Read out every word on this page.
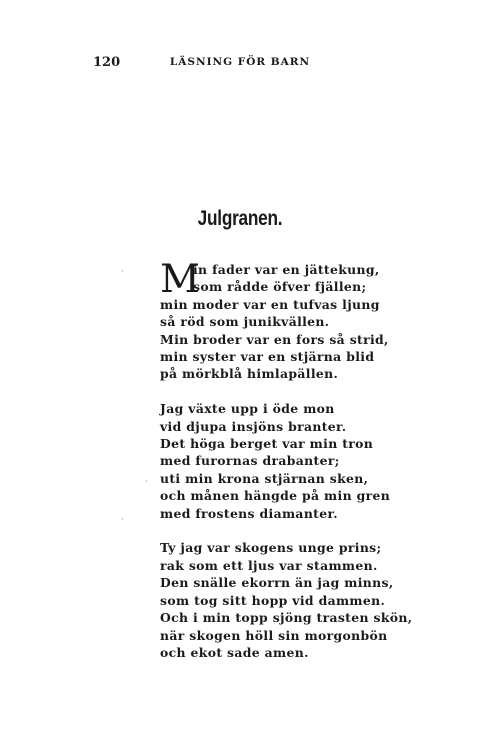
120	LÄSNING FÖR BARN
Julgranen.
M
in fader var en jättekung,
som rådde öfver fjällen;
min moder var en tufvas ljung
så röd som junikvällen.
Min broder var en fors så strid,
min syster var en stjärna blid
på mörkblå himlapällen.
Jag växte upp i öde mon
vid djupa insjöns branter.
Det höga berget var min tron
med furornas drabanter;
uti min krona stjärnan sken,
och månen hängde på min gren
med frostens diamanter.
Ty jag var skogens unge prins;
rak som ett ljus var stammen.
Den snälle ekorrn än jag minns,
som tog sitt hopp vid dammen.
Och i min topp sjöng trasten skön,
när skogen höll sin morgonbön
och ekot sade amen.
·
·
·
